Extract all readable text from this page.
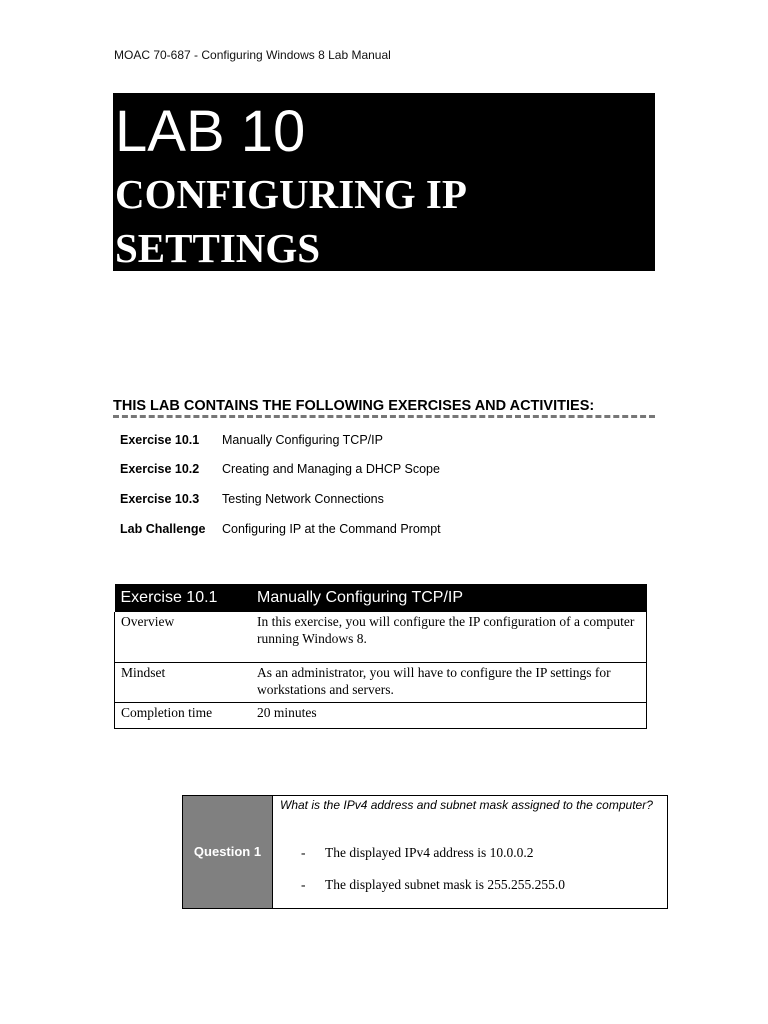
MOAC 70-687 - Configuring Windows 8 Lab Manual
LAB 10
CONFIGURING IP SETTINGS
THIS LAB CONTAINS THE FOLLOWING EXERCISES AND ACTIVITIES:
Exercise 10.1 Manually Configuring TCP/IP
Exercise 10.2 Creating and Managing a DHCP Scope
Exercise 10.3 Testing Network Connections
Lab Challenge Configuring IP at the Command Prompt
Exercise 10.1	Manually Configuring TCP/IP
Overview	In this exercise, you will configure the IP configuration of a computer running Windows 8.
Mindset	As an administrator, you will have to configure the IP settings for workstations and servers.
Completion time	20 minutes
Question 1
What is the IPv4 address and subnet mask assigned to the computer?
- The displayed IPv4 address is 10.0.0.2
- The displayed subnet mask is 255.255.255.0
